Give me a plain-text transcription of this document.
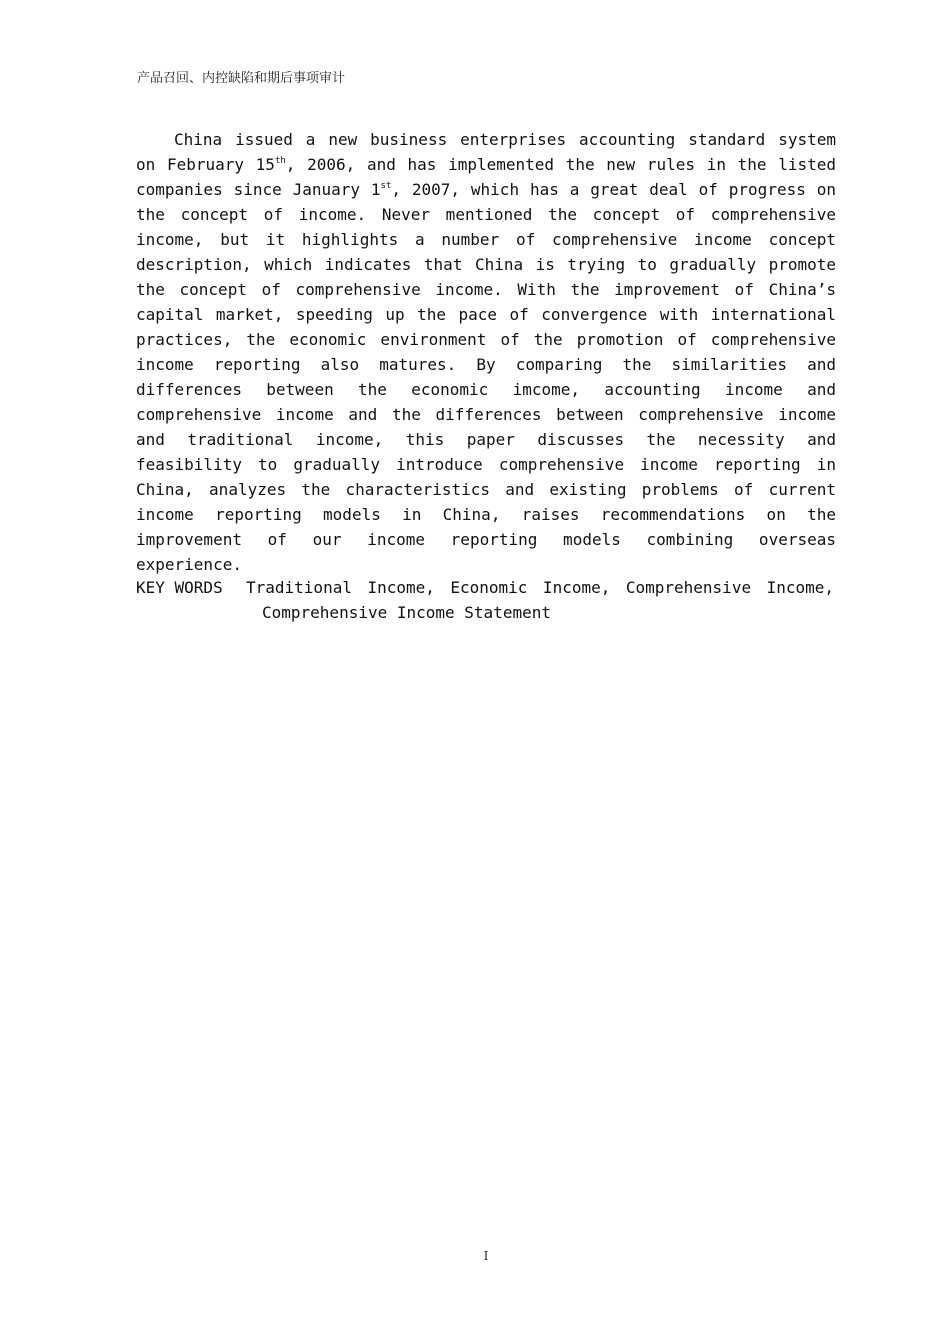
产品召回、内控缺陷和期后事项审计

China issued a new business enterprises accounting standard system on February 15th, 2006, and has implemented the new rules in the listed companies since January 1st, 2007, which has a great deal of progress on the concept of income. Never mentioned the concept of comprehensive income, but it highlights a number of comprehensive income concept description, which indicates that China is trying to gradually promote the concept of comprehensive income. With the improvement of China’s capital market, speeding up the pace of convergence with international practices, the economic environment of the promotion of comprehensive income reporting also matures. By comparing the similarities and differences between the economic imcome, accounting income and comprehensive income and the differences between comprehensive income and traditional income, this paper discusses the necessity and feasibility to gradually introduce comprehensive income reporting in China, analyzes the characteristics and existing problems of current income reporting models in China, raises recommendations on the improvement of our income reporting models combining overseas experience.

KEY WORDS Traditional Income, Economic Income, Comprehensive Income,
Comprehensive Income Statement
I
